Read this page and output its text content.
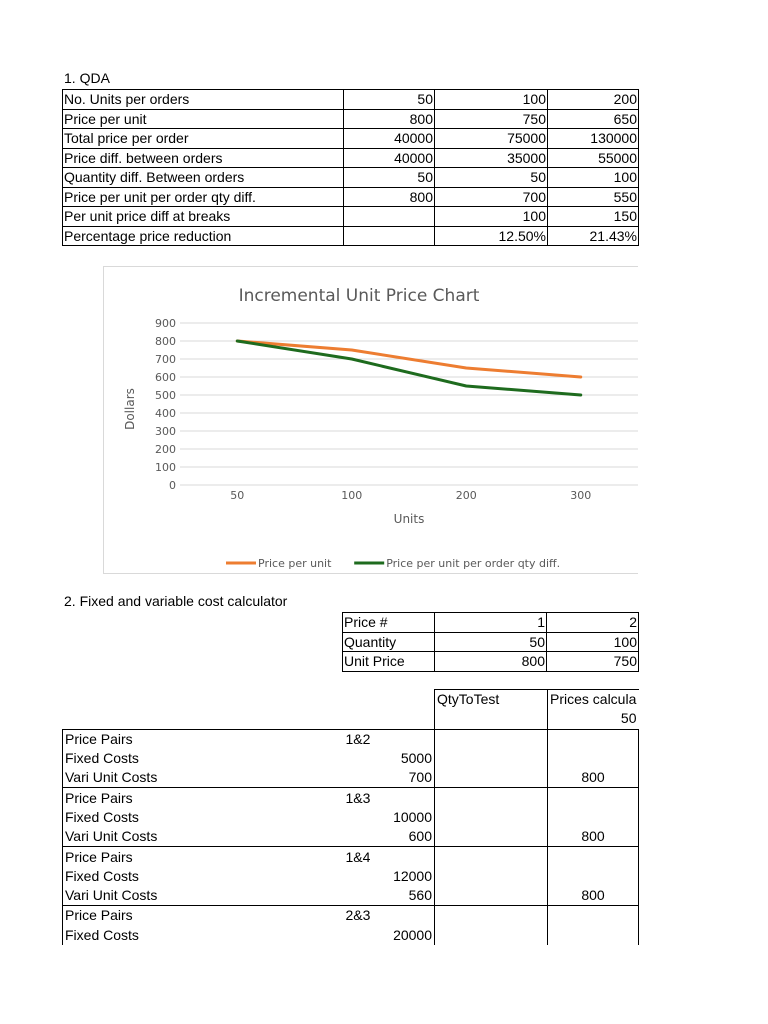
1. QDA
No. Units per orders	50	100	200
Price per unit	800	750	650
Total price per order	40000	75000	130000
Price diff. between orders	40000	35000	55000
Quantity diff. Between orders	50	50	100
Price per unit per order qty diff.	800	700	550
Per unit price diff at breaks		100	150
Percentage price reduction		12.50%	21.43%
Incremental Unit Price Chart
0
100
200
300
400
500
600
700
800
900
50	100	200	300
Dollars
Units
Price per unit	Price per unit per order qty diff.
2. Fixed and variable cost calculator
Price #	1	2
Quantity	50	100
Unit Price	800	750
		QtyToTest	Prices calcula
			50
Price Pairs	1&2		
Fixed Costs	5000		
Vari Unit Costs	700		800
Price Pairs	1&3		
Fixed Costs	10000		
Vari Unit Costs	600		800
Price Pairs	1&4		
Fixed Costs	12000		
Vari Unit Costs	560		800
Price Pairs	2&3		
Fixed Costs	20000		
